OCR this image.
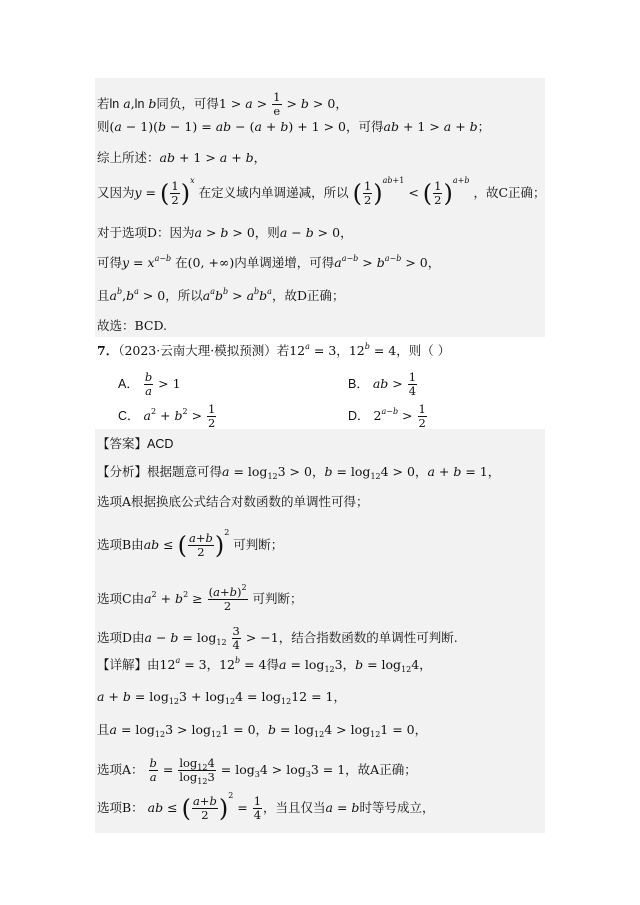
若ln a,ln b同负，可得$1 > a > \frac{1}{e} > b > 0$，
则(a − 1)(b − 1) = ab − (a + b) + 1 > 0，可得ab + 1 > a + b；
综上所述：ab + 1 > a + b，
又因为y = ( $\frac{1}{2} )^x$ 在定义域内单调递减，所以 ( $\frac{1}{2} )^{ab+1}$ < ( $\frac{1}{2} )^{a+b}$ ，故C正确；
对于选项D：因为a > b > 0，则a − b > 0，
可得$y = x^{a-b}$ 在(0, +∞)内单调递增，可得$a^{a-b} > b^{a-b} > 0$，
且$a^b,b^a > 0$，所以$a^ab^b > a^bb^a$，故D正确；
故选：BCD.
7．（2023·云南大理·模拟预测）若$12^a = 3$，$12^b = 4$，则（ ）
A． $\frac{b}{a} > 1$	B． ab > $\frac{1}{4}$
C． $a^2 + b^2 > \frac{1}{2}$	D． $2^{a-b} > \frac{1}{2}$
【答案】ACD
【分析】根据题意可得$a = \log_{12}3 > 0$，$b = \log_{12}4 > 0$，a + b = 1，
选项A根据换底公式结合对数函数的单调性可得；
选项B由ab ≤ ( $\frac{a+b}{2} )^2$ 可判断；
选项C由$a^2 + b^2 \ge \frac{(a+b)^2}{2}$ 可判断；
选项D由$a - b = \log_{12} \frac{3}{4} > -1$，结合指数函数的单调性可判断.
【详解】由$12^a = 3$，$12^b = 4$得$a = \log_{12}3$，$b = \log_{12}4$，
$a + b = \log_{12}3 + \log_{12}4 = \log_{12}12 = 1$，
且$a = \log_{12}3 > \log_{12}1 = 0$，$b = \log_{12}4 > \log_{12}1 = 0$，
选项A： $\frac{b}{a} = \frac{\log_{12}4}{\log_{12}3} = \log_34 > \log_33 = 1$，故A正确；
选项B： ab ≤ ( $\frac{a+b}{2} )^2 = \frac{1}{4}$ ，当且仅当a = b时等号成立，
